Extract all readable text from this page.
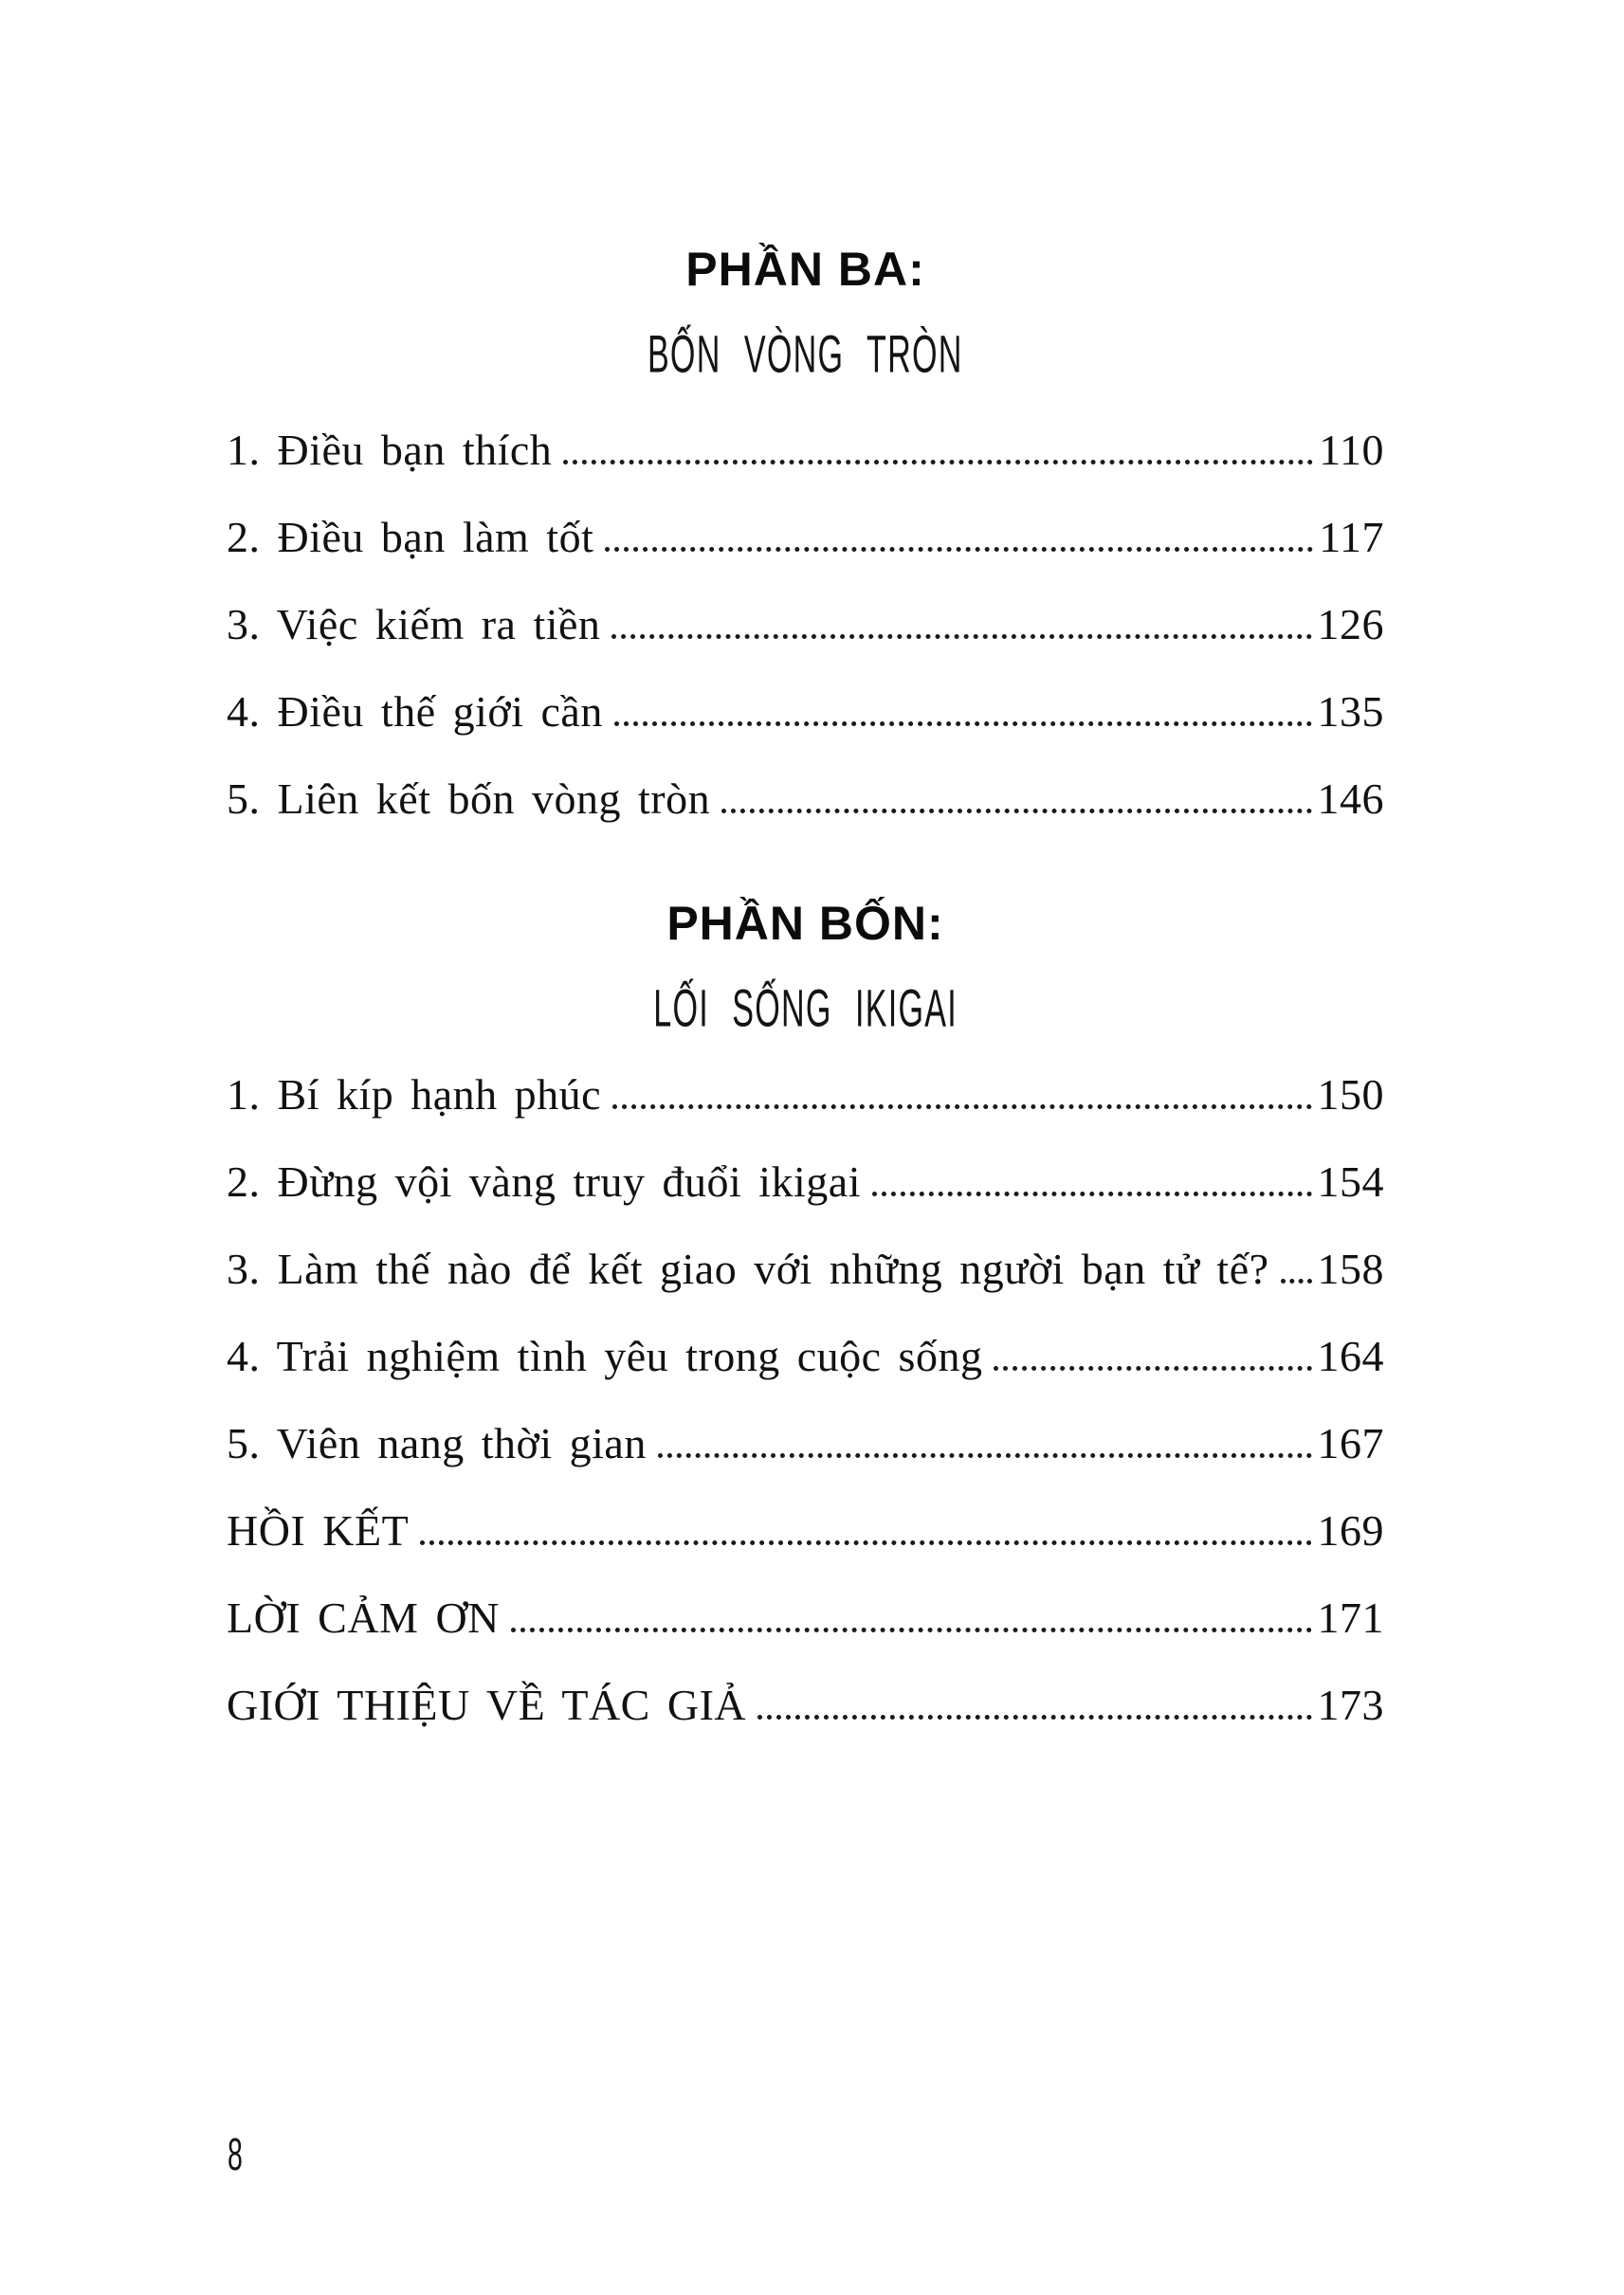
PHẦN BA:
BỐN VÒNG TRÒN
1. Điều bạn thích	110
2. Điều bạn làm tốt	117
3. Việc kiếm ra tiền	126
4. Điều thế giới cần	135
5. Liên kết bốn vòng tròn	146
PHẦN BỐN:
LỐI SỐNG IKIGAI
1. Bí kíp hạnh phúc	150
2. Đừng vội vàng truy đuổi ikigai	154
3. Làm thế nào để kết giao với những người bạn tử tế? 158
4. Trải nghiệm tình yêu trong cuộc sống	164
5. Viên nang thời gian	167
HỒI KẾT	169
LỜI CẢM ƠN	171
GIỚI THIỆU VỀ TÁC GIẢ	173
8
